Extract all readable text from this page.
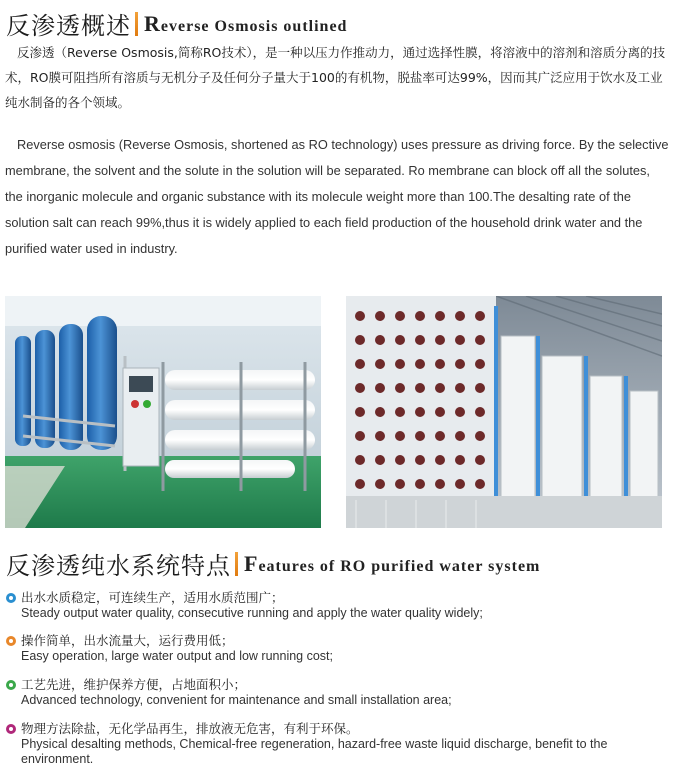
反渗透概述 Reverse Osmosis outlined

反渗透（Reverse Osmosis,简称RO技术），是一种以压力作推动力，通过选择性膜，将溶液中的溶剂和溶质分离的技术，RO膜可阻挡所有溶质与无机分子及任何分子量大于100的有机物，脱盐率可达99%，因而其广泛应用于饮水及工业纯水制备的各个领域。

Reverse osmosis (Reverse Osmosis, shortened as RO technology) uses pressure as driving force. By the selective membrane, the solvent and the solute in the solution will be separated. Ro membrane can block off all the solutes, the inorganic molecule and organic substance with its molecule weight more than 100.The desalting rate of the solution salt can reach 99%,thus it is widely applied to each field production of the household drink water and the purified water used in industry.

反渗透纯水系统特点 Features of RO purified water system
出水水质稳定，可连续生产，适用水质范围广；
Steady output water quality, consecutive running and apply the water quality widely;
操作简单，出水流量大，运行费用低；
Easy operation, large water output and low running cost;
工艺先进，维护保养方便，占地面积小；
Advanced technology, convenient for maintenance and small installation area;
物理方法除盐，无化学品再生，排放液无危害，有利于环保。
Physical desalting methods, Chemical-free regeneration, hazard-free waste liquid discharge, benefit to the environment.
